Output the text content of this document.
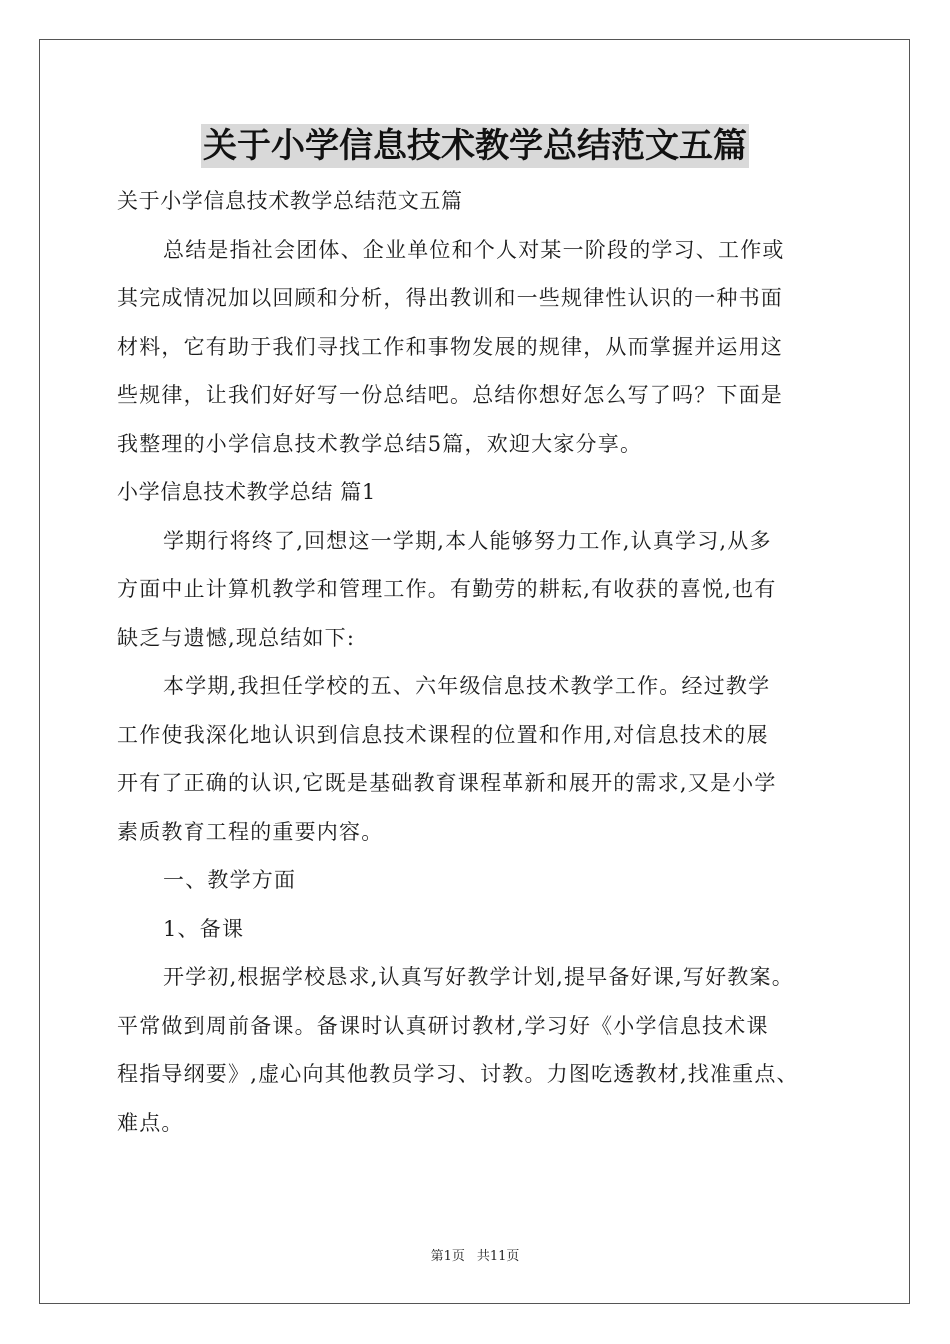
关于小学信息技术教学总结范文五篇
关于小学信息技术教学总结范文五篇
总结是指社会团体、企业单位和个人对某一阶段的学习、工作或
其完成情况加以回顾和分析，得出教训和一些规律性认识的一种书面
材料，它有助于我们寻找工作和事物发展的规律，从而掌握并运用这
些规律，让我们好好写一份总结吧。总结你想好怎么写了吗？下面是
我整理的小学信息技术教学总结5篇，欢迎大家分享。
小学信息技术教学总结 篇1
学期行将终了,回想这一学期,本人能够努力工作,认真学习,从多
方面中止计算机教学和管理工作。有勤劳的耕耘,有收获的喜悦,也有
缺乏与遗憾,现总结如下:
本学期,我担任学校的五、六年级信息技术教学工作。经过教学
工作使我深化地认识到信息技术课程的位置和作用,对信息技术的展
开有了正确的认识,它既是基础教育课程革新和展开的需求,又是小学
素质教育工程的重要内容。
一、教学方面
1、备课
开学初,根据学校恳求,认真写好教学计划,提早备好课,写好教案。
平常做到周前备课。备课时认真研讨教材,学习好《小学信息技术课
程指导纲要》,虚心向其他教员学习、讨教。力图吃透教材,找准重点、
难点。
第1页 共11页
